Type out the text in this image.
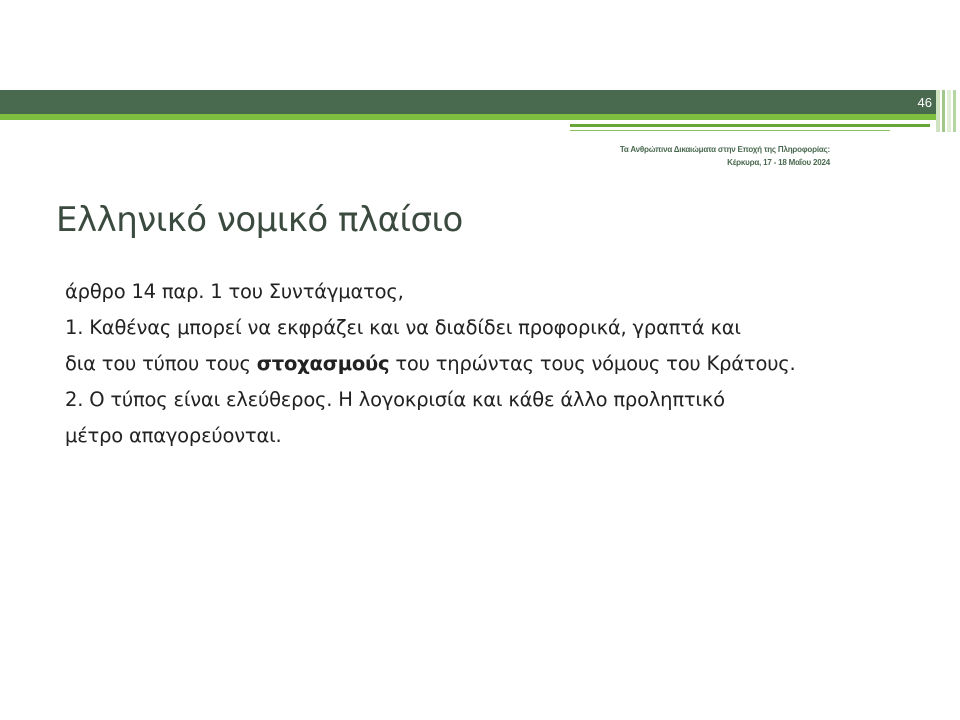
46
Τα Ανθρώπινα Δικαιώματα στην Εποχή της Πληροφορίας:
Κέρκυρα, 17 - 18 Μαΐου 2024
Ελληνικό νομικό πλαίσιο

άρθρο 14 παρ. 1 του Συντάγματος,

1. Καθένας μπορεί να εκφράζει και να διαδίδει προφορικά, γραπτά και

δια του τύπου τους στοχασμούς του τηρώντας τους νόμους του Κράτους.

2. Ο τύπος είναι ελεύθερος. Η λογοκρισία και κάθε άλλο προληπτικό

μέτρο απαγορεύονται.
